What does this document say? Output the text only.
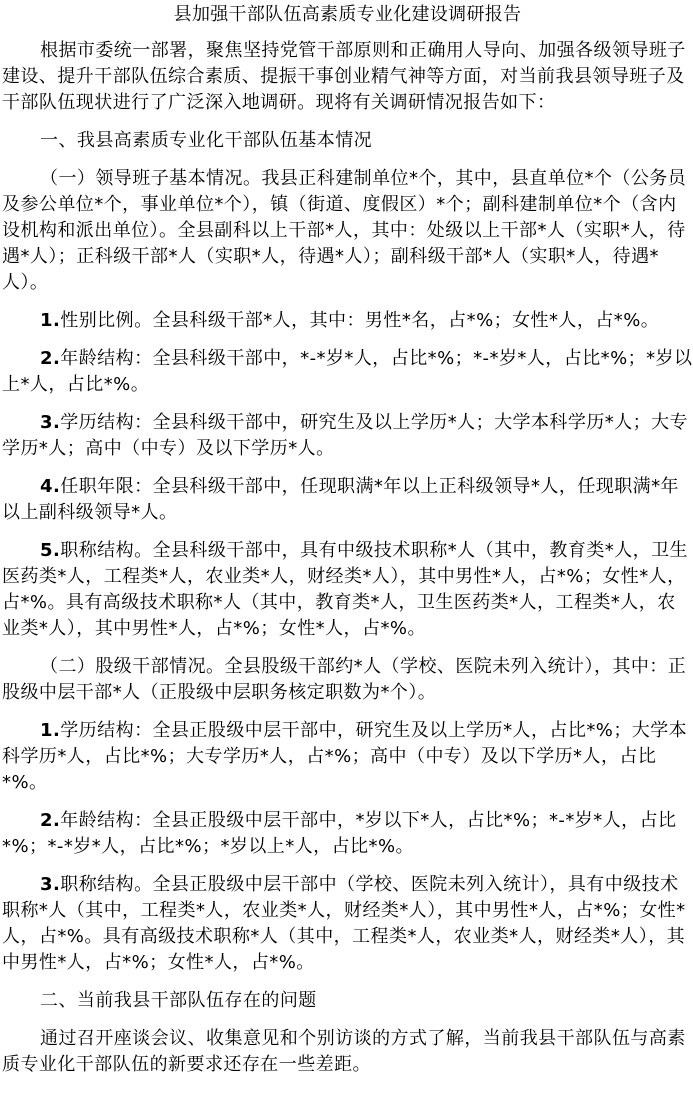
县加强干部队伍高素质专业化建设调研报告

根据市委统一部署，聚焦坚持党管干部原则和正确用人导向、加强各级领导班子建设、提升干部队伍综合素质、提振干事创业精气神等方面，对当前我县领导班子及干部队伍现状进行了广泛深入地调研。现将有关调研情况报告如下：

一、我县高素质专业化干部队伍基本情况

（一）领导班子基本情况。我县正科建制单位*个，其中，县直单位*个（公务员及参公单位*个，事业单位*个），镇（街道、度假区）*个；副科建制单位*个（含内设机构和派出单位）。全县副科以上干部*人，其中：处级以上干部*人（实职*人，待遇*人）；正科级干部*人（实职*人，待遇*人）；副科级干部*人（实职*人，待遇*人）。

1.性别比例。全县科级干部*人，其中：男性*名，占*%；女性*人，占*%。

2.年龄结构：全县科级干部中，*-*岁*人，占比*%；*-*岁*人，占比*%；*岁以上*人，占比*%。

3.学历结构：全县科级干部中，研究生及以上学历*人；大学本科学历*人；大专学历*人；高中（中专）及以下学历*人。

4.任职年限：全县科级干部中，任现职满*年以上正科级领导*人，任现职满*年以上副科级领导*人。

5.职称结构。全县科级干部中，具有中级技术职称*人（其中，教育类*人，卫生医药类*人，工程类*人，农业类*人，财经类*人），其中男性*人，占*%；女性*人，占*%。具有高级技术职称*人（其中，教育类*人，卫生医药类*人，工程类*人，农业类*人），其中男性*人，占*%；女性*人，占*%。

（二）股级干部情况。全县股级干部约*人（学校、医院未列入统计），其中：正股级中层干部*人（正股级中层职务核定职数为*个）。

1.学历结构：全县正股级中层干部中，研究生及以上学历*人，占比*%；大学本科学历*人，占比*%；大专学历*人，占*%；高中（中专）及以下学历*人，占比*%。

2.年龄结构：全县正股级中层干部中，*岁以下*人，占比*%；*-*岁*人，占比*%；*-*岁*人，占比*%；*岁以上*人，占比*%。

3.职称结构。全县正股级中层干部中（学校、医院未列入统计），具有中级技术职称*人（其中，工程类*人，农业类*人，财经类*人），其中男性*人，占*%；女性*人，占*%。具有高级技术职称*人（其中，工程类*人，农业类*人，财经类*人），其中男性*人，占*%；女性*人，占*%。

二、当前我县干部队伍存在的问题

通过召开座谈会议、收集意见和个别访谈的方式了解，当前我县干部队伍与高素质专业化干部队伍的新要求还存在一些差距。
